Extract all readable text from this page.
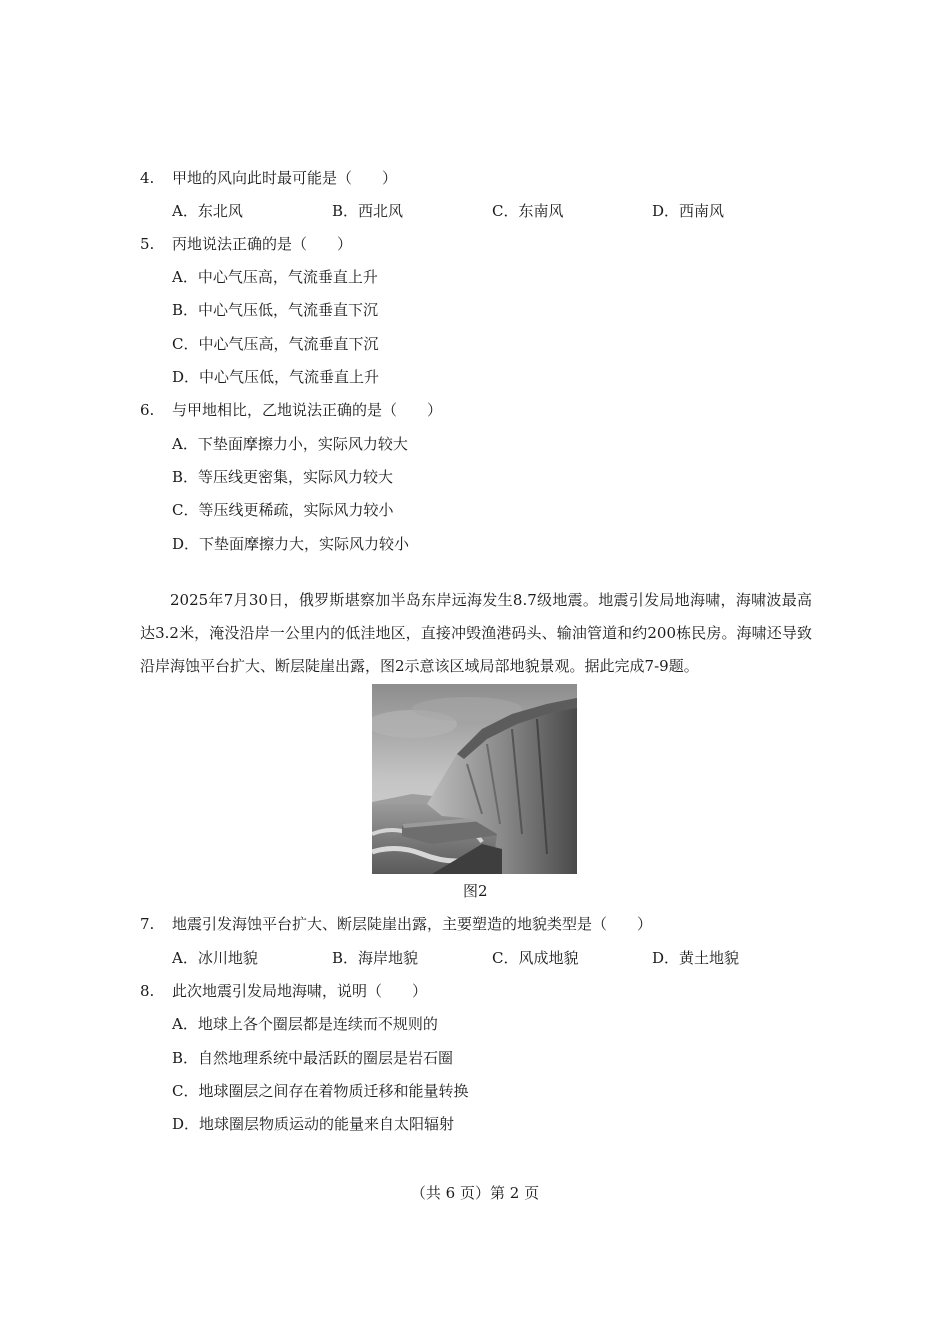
4. 甲地的风向此时最可能是（　　）
A．东北风	B．西北风	C．东南风	D．西南风
5. 丙地说法正确的是（　　）
A．中心气压高，气流垂直上升
B．中心气压低，气流垂直下沉
C．中心气压高，气流垂直下沉
D．中心气压低，气流垂直上升
6. 与甲地相比，乙地说法正确的是（　　）
A．下垫面摩擦力小，实际风力较大
B．等压线更密集，实际风力较大
C．等压线更稀疏，实际风力较小
D．下垫面摩擦力大，实际风力较小

2025年7月30日，俄罗斯堪察加半岛东岸远海发生8.7级地震。地震引发局地海啸，海啸波最高达3.2米，淹没沿岸一公里内的低洼地区，直接冲毁渔港码头、输油管道和约200栋民房。海啸还导致沿岸海蚀平台扩大、断层陡崖出露，图2示意该区域局部地貌景观。据此完成7-9题。

图2
7. 地震引发海蚀平台扩大、断层陡崖出露，主要塑造的地貌类型是（　　）
A．冰川地貌	B．海岸地貌	C．风成地貌	D．黄土地貌
8. 此次地震引发局地海啸，说明（　　）
A．地球上各个圈层都是连续而不规则的
B．自然地理系统中最活跃的圈层是岩石圈
C．地球圈层之间存在着物质迁移和能量转换
D．地球圈层物质运动的能量来自太阳辐射
（共 6 页）第 2 页
